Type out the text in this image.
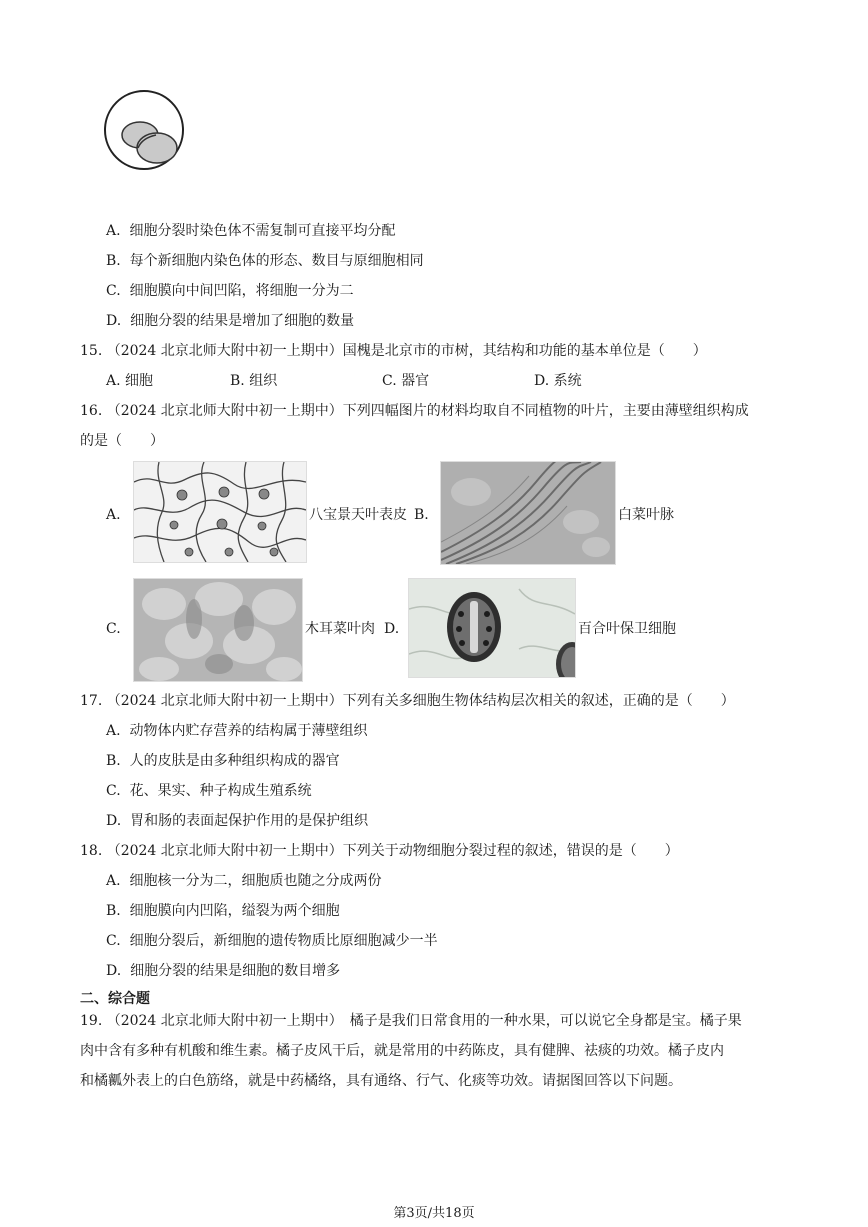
A. 细胞分裂时染色体不需复制可直接平均分配
B. 每个新细胞内染色体的形态、数目与原细胞相同
C. 细胞膜向中间凹陷，将细胞一分为二
D. 细胞分裂的结果是增加了细胞的数量
15. （2024 北京北师大附中初一上期中）国槐是北京市的市树，其结构和功能的基本单位是（　　）
A. 细胞	B. 组织	C. 器官	D. 系统
16. （2024 北京北师大附中初一上期中）下列四幅图片的材料均取自不同植物的叶片，主要由薄壁组织构成
的是（　　）
A.	八宝景天叶表皮 B.	白菜叶脉
C.	木耳菜叶肉 D.	百合叶保卫细胞
17. （2024 北京北师大附中初一上期中）下列有关多细胞生物体结构层次相关的叙述，正确的是（　　）
A. 动物体内贮存营养的结构属于薄壁组织
B. 人的皮肤是由多种组织构成的器官
C. 花、果实、种子构成生殖系统
D. 胃和肠的表面起保护作用的是保护组织
18. （2024 北京北师大附中初一上期中）下列关于动物细胞分裂过程的叙述，错误的是（　　）
A. 细胞核一分为二，细胞质也随之分成两份
B. 细胞膜向内凹陷，缢裂为两个细胞
C. 细胞分裂后，新细胞的遗传物质比原细胞减少一半
D. 细胞分裂的结果是细胞的数目增多
二、综合题
19. （2024 北京北师大附中初一上期中）　橘子是我们日常食用的一种水果，可以说它全身都是宝。橘子果
肉中含有多种有机酸和维生素。橘子皮风干后，就是常用的中药陈皮，具有健脾、祛痰的功效。橘子皮内
和橘瓤外表上的白色筋络，就是中药橘络，具有通络、行气、化痰等功效。请据图回答以下问题。
第3页/共18页
